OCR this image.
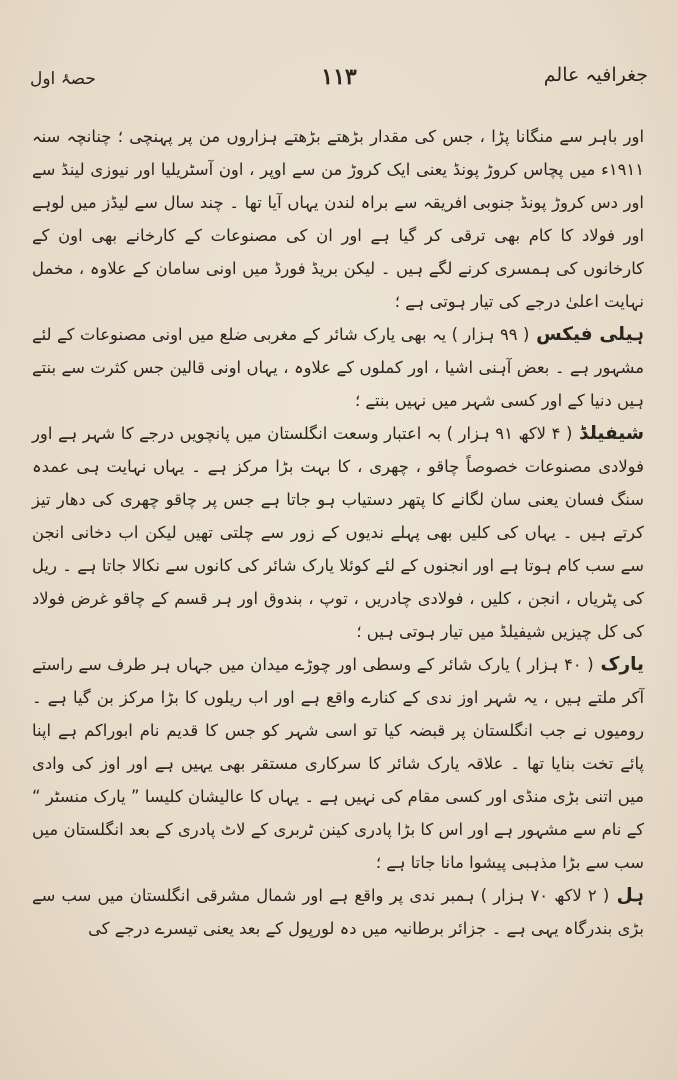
جغرافیہ عالم
۱۱۳
حصۂ اول

اور باہر سے منگانا پڑا ، جس کی مقدار بڑھتے بڑھتے ہزاروں من پر پہنچی ؛ چنانچہ سنہ ۱۹۱۱ء میں پچاس کروڑ پونڈ یعنی ایک کروڑ من سے اوپر ، اون آسٹریلیا اور نیوزی لینڈ سے اور دس کروڑ پونڈ جنوبی افریقہ سے براہ لندن یہاں آیا تھا ۔ چند سال سے لیڈز میں لوہے اور فولاد کا کام بھی ترقی کر گیا ہے اور ان کی مصنوعات کے کارخانے بھی اون کے کارخانوں کی ہمسری کرنے لگے ہیں ۔ لیکن بریڈ فورڈ میں اونی سامان کے علاوہ ، مخمل نہایت اعلیٰ درجے کی تیار ہوتی ہے ؛

ہیلی فیکس ( ۹۹ ہزار ) یہ بھی یارک شائر کے مغربی ضلع میں اونی مصنوعات کے لئے مشہور ہے ۔ بعض آہنی اشیا ، اور کملوں کے علاوہ ، یہاں اونی قالین جس کثرت سے بنتے ہیں دنیا کے اور کسی شہر میں نہیں بنتے ؛

شیفیلڈ ( ۴ لاکھ ۹۱ ہزار ) بہ اعتبار وسعت انگلستان میں پانچویں درجے کا شہر ہے اور فولادی مصنوعات خصوصاً چاقو ، چھری ، کا بہت بڑا مرکز ہے ۔ یہاں نہایت ہی عمدہ سنگ فسان یعنی سان لگانے کا پتھر دستیاب ہو جاتا ہے جس پر چاقو چھری کی دھار تیز کرتے ہیں ۔ یہاں کی کلیں بھی پہلے ندیوں کے زور سے چلتی تھیں لیکن اب دخانی انجن سے سب کام ہوتا ہے اور انجنوں کے لئے کوئلا یارک شائر کی کانوں سے نکالا جاتا ہے ۔ ریل کی پٹریاں ، انجن ، کلیں ، فولادی چادریں ، توپ ، بندوق اور ہر قسم کے چاقو غرض فولاد کی کل چیزیں شیفیلڈ میں تیار ہوتی ہیں ؛

یارک ( ۴۰ ہزار ) یارک شائر کے وسطی اور چوڑے میدان میں جہاں ہر طرف سے راستے آکر ملتے ہیں ، یہ شہر اوز ندی کے کنارے واقع ہے اور اب ریلوں کا بڑا مرکز بن گیا ہے ۔ رومیوں نے جب انگلستان پر قبضہ کیا تو اسی شہر کو جس کا قدیم نام ابوراکم ہے اپنا پائے تخت بنایا تھا ۔ علاقہ یارک شائر کا سرکاری مستقر بھی یہیں ہے اور اوز کی وادی میں اتنی بڑی منڈی اور کسی مقام کی نہیں ہے ۔ یہاں کا عالیشان کلیسا ” یارک منسٹر “ کے نام سے مشہور ہے اور اس کا بڑا پادری کینن ٹربری کے لاٹ پادری کے بعد انگلستان میں سب سے بڑا مذہبی پیشوا مانا جاتا ہے ؛

ہل ( ۲ لاکھ ۷۰ ہزار ) ہمبر ندی پر واقع ہے اور شمال مشرقی انگلستان میں سب سے بڑی بندرگاہ یہی ہے ۔ جزائر برطانیہ میں دہ لورپول کے بعد یعنی تیسرے درجے کی
